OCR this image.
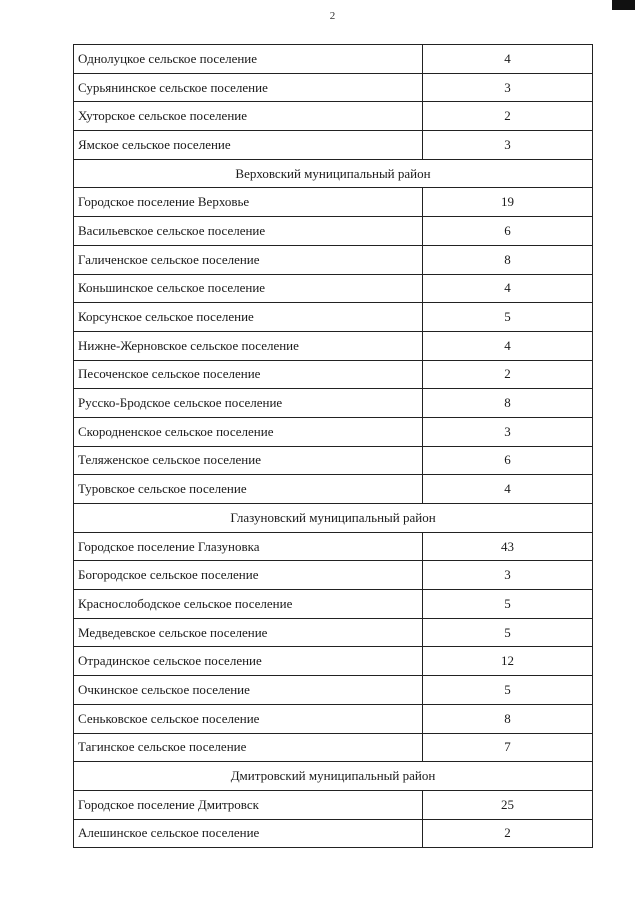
2
Однолуцкое сельское поселение	4
Сурьянинское сельское поселение	3
Хуторское сельское поселение	2
Ямское сельское поселение	3
Верховский муниципальный район	
Городское поселение Верховье	19
Васильевское сельское поселение	6
Галиченское сельское поселение	8
Коньшинское сельское поселение	4
Корсунское сельское поселение	5
Нижне-Жерновское сельское поселение	4
Песоченское сельское поселение	2
Русско-Бродское сельское поселение	8
Скородненское сельское поселение	3
Теляженское сельское поселение	6
Туровское сельское поселение	4
Глазуновский муниципальный район	
Городское поселение Глазуновка	43
Богородское сельское поселение	3
Краснослободское сельское поселение	5
Медведевское сельское поселение	5
Отрадинское сельское поселение	12
Очкинское сельское поселение	5
Сеньковское сельское поселение	8
Тагинское сельское поселение	7
Дмитровский муниципальный район	
Городское поселение Дмитровск	25
Алешинское сельское поселение	2
